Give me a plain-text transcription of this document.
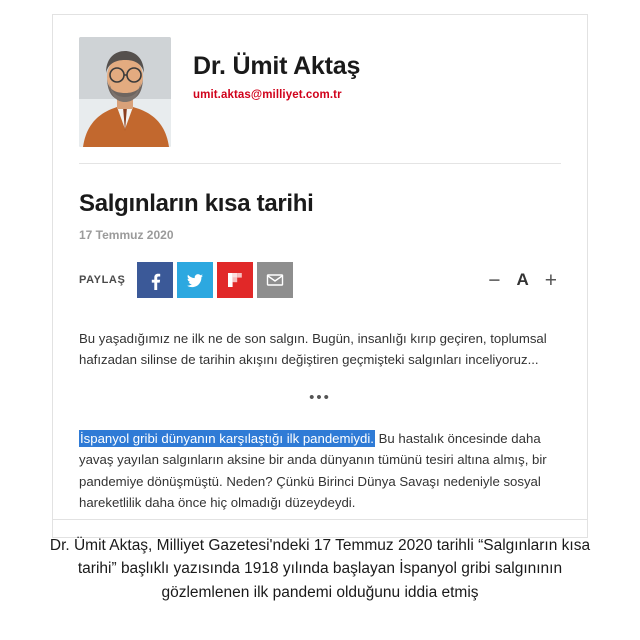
Dr. Ümit Aktaş
umit.aktas@milliyet.com.tr
Salgınların kısa tarihi
17 Temmuz 2020
PAYLAŞ	− A +

Bu yaşadığımız ne ilk ne de son salgın. Bugün, insanlığı kırıp geçiren, toplumsal hafızadan silinse de tarihin akışını değiştiren geçmişteki salgınları inceliyoruz...

•••

İspanyol gribi dünyanın karşılaştığı ilk pandemiydi. Bu hastalık öncesinde daha yavaş yayılan salgınların aksine bir anda dünyanın tümünü tesiri altına almış, bir pandemiye dönüşmüştü. Neden? Çünkü Birinci Dünya Savaşı nedeniyle sosyal hareketlilik daha önce hiç olmadığı düzeydeydi.

Dr. Ümit Aktaş, Milliyet Gazetesi'ndeki 17 Temmuz 2020 tarihli “Salgınların kısa tarihi” başlıklı yazısında 1918 yılında başlayan İspanyol gribi salgınının gözlemlenen ilk pandemi olduğunu iddia etmiş
